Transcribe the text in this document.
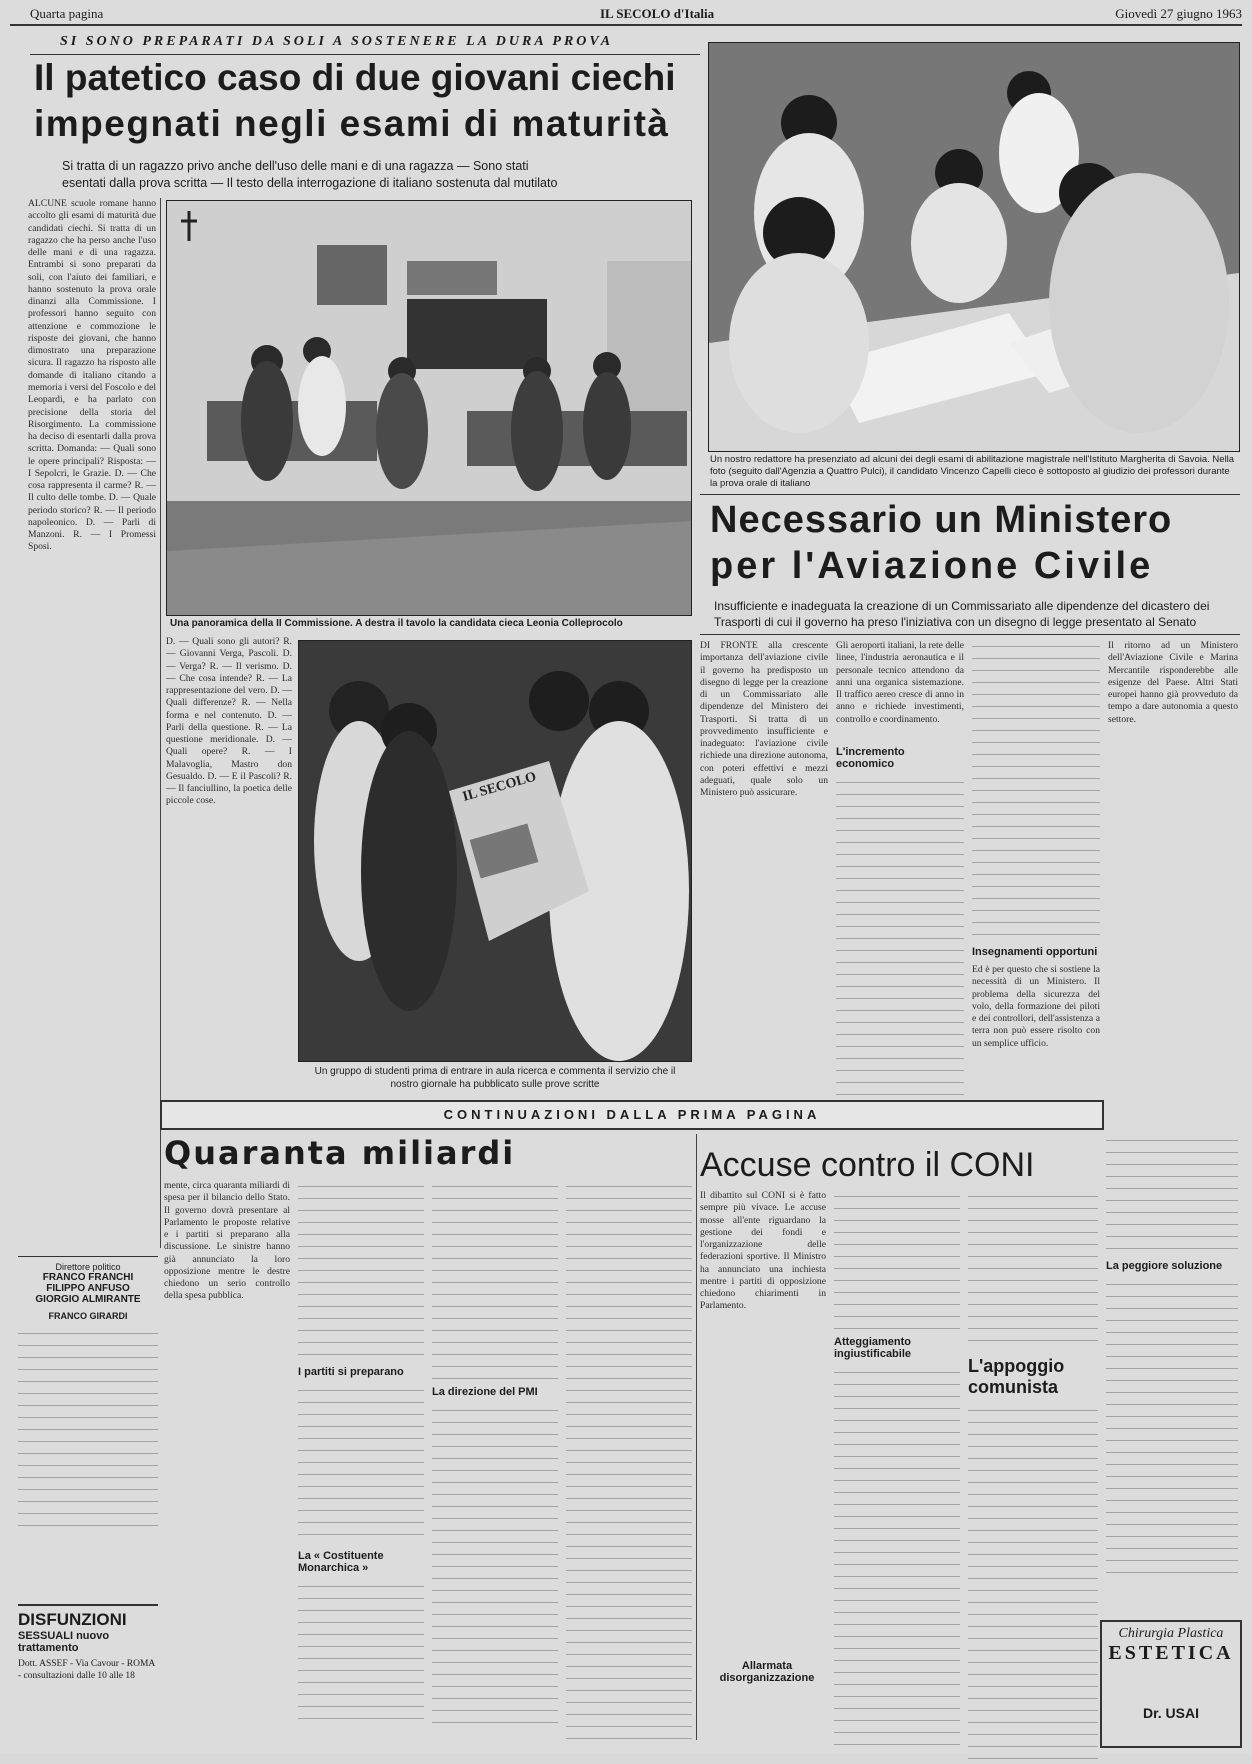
Quarta pagina	IL SECOLO d'Italia	Giovedì 27 giugno 1963
SI SONO PREPARATI DA SOLI A SOSTENERE LA DURA PROVA
Il patetico caso di due giovani ciechi
impegnati negli esami di maturità
Si tratta di un ragazzo privo anche dell'uso delle mani e di una ragazza — Sono stati
esentati dalla prova scritta — Il testo della interrogazione di italiano sostenuta dal mutilato
ALCUNE scuole romane hanno accolto gli esami di maturità due candidati ciechi. Si tratta di un ragazzo che ha perso anche l'uso delle mani e di una ragazza. Entrambi si sono preparati da soli, con l'aiuto dei familiari, e hanno sostenuto la prova orale dinanzi alla Commissione. I professori hanno seguito con attenzione e commozione le risposte dei giovani, che hanno dimostrato una preparazione sicura. Il ragazzo ha risposto alle domande di italiano citando a memoria i versi del Foscolo e del Leopardi, e ha parlato con precisione della storia del Risorgimento. La commissione ha deciso di esentarli dalla prova scritta. Domanda: — Quali sono le opere principali? Risposta: — I Sepolcri, le Grazie. D. — Che cosa rappresenta il carme? R. — Il culto delle tombe. D. — Quale periodo storico? R. — Il periodo napoleonico. D. — Parli di Manzoni. R. — I Promessi Sposi.
Una panoramica della II Commissione. A destra il tavolo la candidata cieca Leonia Colleprocolo
D. — Quali sono gli autori? R. — Giovanni Verga, Pascoli. D. — Verga? R. — Il verismo. D. — Che cosa intende? R. — La rappresentazione del vero. D. — Quali differenze? R. — Nella forma e nel contenuto. D. — Parli della questione. R. — La questione meridionale. D. — Quali opere? R. — I Malavoglia, Mastro don Gesualdo. D. — E il Pascoli? R. — Il fanciullino, la poetica delle piccole cose.	IL SECOLO
Un gruppo di studenti prima di entrare in aula ricerca e commenta il servizio che il nostro giornale ha pubblicato sulle prove scritte
Un nostro redattore ha presenziato ad alcuni dei degli esami di abilitazione magistrale nell'Istituto Margherita di Savoia. Nella foto (seguito dall'Agenzia a Quattro Pulci), il candidato Vincenzo Capelli cieco è sottoposto al giudizio dei professori durante la prova orale di italiano
Necessario un Ministero
per l'Aviazione Civile
Insufficiente e inadeguata la creazione di un Commissariato alle dipendenze del dicastero dei Trasporti di cui il governo ha preso l'iniziativa con un disegno di legge presentato al Senato
DI FRONTE alla crescente importanza dell'aviazione civile il governo ha predisposto un disegno di legge per la creazione di un Commissariato alle dipendenze del Ministero dei Trasporti. Si tratta di un provvedimento insufficiente e inadeguato: l'aviazione civile richiede una direzione autonoma, con poteri effettivi e mezzi adeguati, quale solo un Ministero può assicurare.
Gli aeroporti italiani, la rete delle linee, l'industria aeronautica e il personale tecnico attendono da anni una organica sistemazione. Il traffico aereo cresce di anno in anno e richiede investimenti, controllo e coordinamento.
L'incremento economico
Insegnamenti opportuni
Ed è per questo che si sostiene la necessità di un Ministero. Il problema della sicurezza del volo, della formazione dei piloti e dei controllori, dell'assistenza a terra non può essere risolto con un semplice ufficio.
Il ritorno ad un Ministero dell'Aviazione Civile e Marina Mercantile risponderebbe alle esigenze del Paese. Altri Stati europei hanno già provveduto da tempo a dare autonomia a questo settore.
CONTINUAZIONI DALLA PRIMA PAGINA
Quaranta miliardi	Accuse contro il CONI
mente, circa quaranta miliardi di spesa per il bilancio dello Stato. Il governo dovrà presentare al Parlamento le proposte relative e i partiti si preparano alla discussione. Le sinistre hanno già annunciato la loro opposizione mentre le destre chiedono un serio controllo della spesa pubblica.
I partiti si preparano
La « Costituente Monarchica »
La direzione del PMI
Il dibattito sul CONI si è fatto sempre più vivace. Le accuse mosse all'ente riguardano la gestione dei fondi e l'organizzazione delle federazioni sportive. Il Ministro ha annunciato una inchiesta mentre i partiti di opposizione chiedono chiarimenti in Parlamento.
Allarmata disorganizzazione
Atteggiamento ingiustificabile
L'appoggio comunista
La peggiore soluzione
Chirurgia Plastica
ESTETICA
Dr. USAI
Direttore politico
FRANCO FRANCHI
FILIPPO ANFUSO
GIORGIO ALMIRANTE
FRANCO GIRARDI
DISFUNZIONI
SESSUALI nuovo trattamento
Dott. ASSEF - Via Cavour - ROMA - consultazioni dalle 10 alle 18
